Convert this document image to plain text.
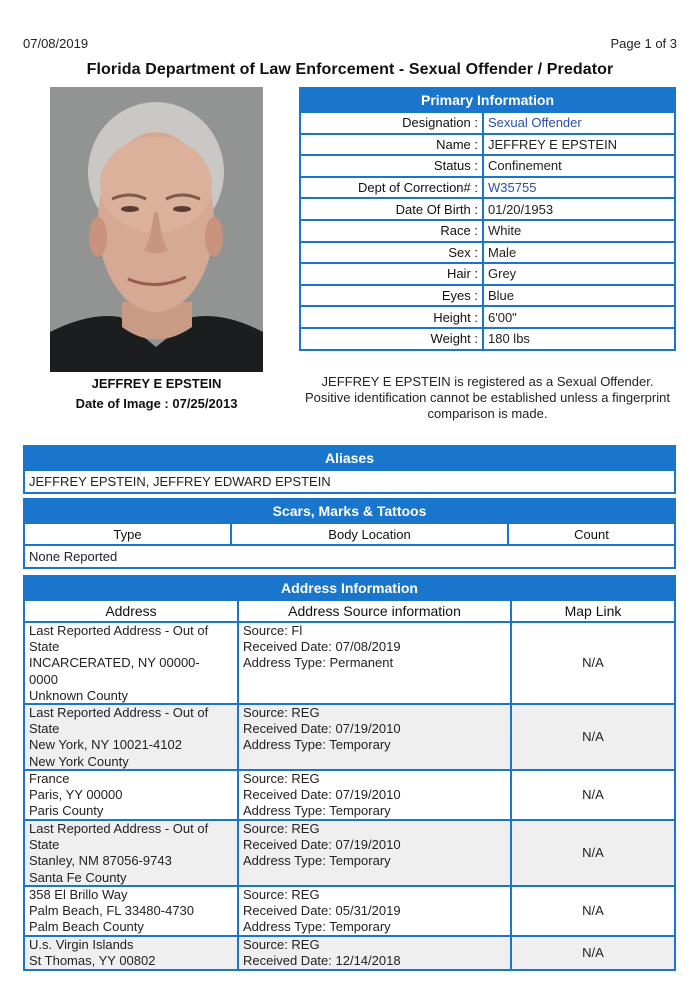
07/08/2019	Page 1 of 3
Florida Department of Law Enforcement - Sexual Offender / Predator
JEFFREY E EPSTEIN
Date of Image : 07/25/2013
Primary Information	
Designation :	Sexual Offender
Name :	JEFFREY E EPSTEIN
Status :	Confinement
Dept of Correction# :	W35755
Date Of Birth :	01/20/1953
Race :	White
Sex :	Male
Hair :	Grey
Eyes :	Blue
Height :	6'00"
Weight :	180 lbs
JEFFREY E EPSTEIN is registered as a Sexual Offender. Positive identification cannot be established unless a fingerprint comparison is made.
Aliases
JEFFREY EPSTEIN, JEFFREY EDWARD EPSTEIN
Scars, Marks & Tattoos
Type	Body Location	Count
None Reported
Address Information		
Address	Address Source information	Map Link

Last Reported Address - Out of
State
INCARCERATED, NY 00000-
0000
Unknown County	Source: Fl
Received Date: 07/08/2019
Address Type: Permanent	N/A

Last Reported Address - Out of
State
New York, NY 10021-4102
New York County	Source: REG
Received Date: 07/19/2010
Address Type: Temporary	N/A

France
Paris, YY 00000
Paris County	Source: REG
Received Date: 07/19/2010
Address Type: Temporary	N/A

Last Reported Address - Out of
State
Stanley, NM 87056-9743
Santa Fe County	Source: REG
Received Date: 07/19/2010
Address Type: Temporary	N/A

358 El Brillo Way
Palm Beach, FL 33480-4730
Palm Beach County	Source: REG
Received Date: 05/31/2019
Address Type: Temporary	N/A

U.s. Virgin Islands
St Thomas, YY 00802	Source: REG
Received Date: 12/14/2018	N/A
